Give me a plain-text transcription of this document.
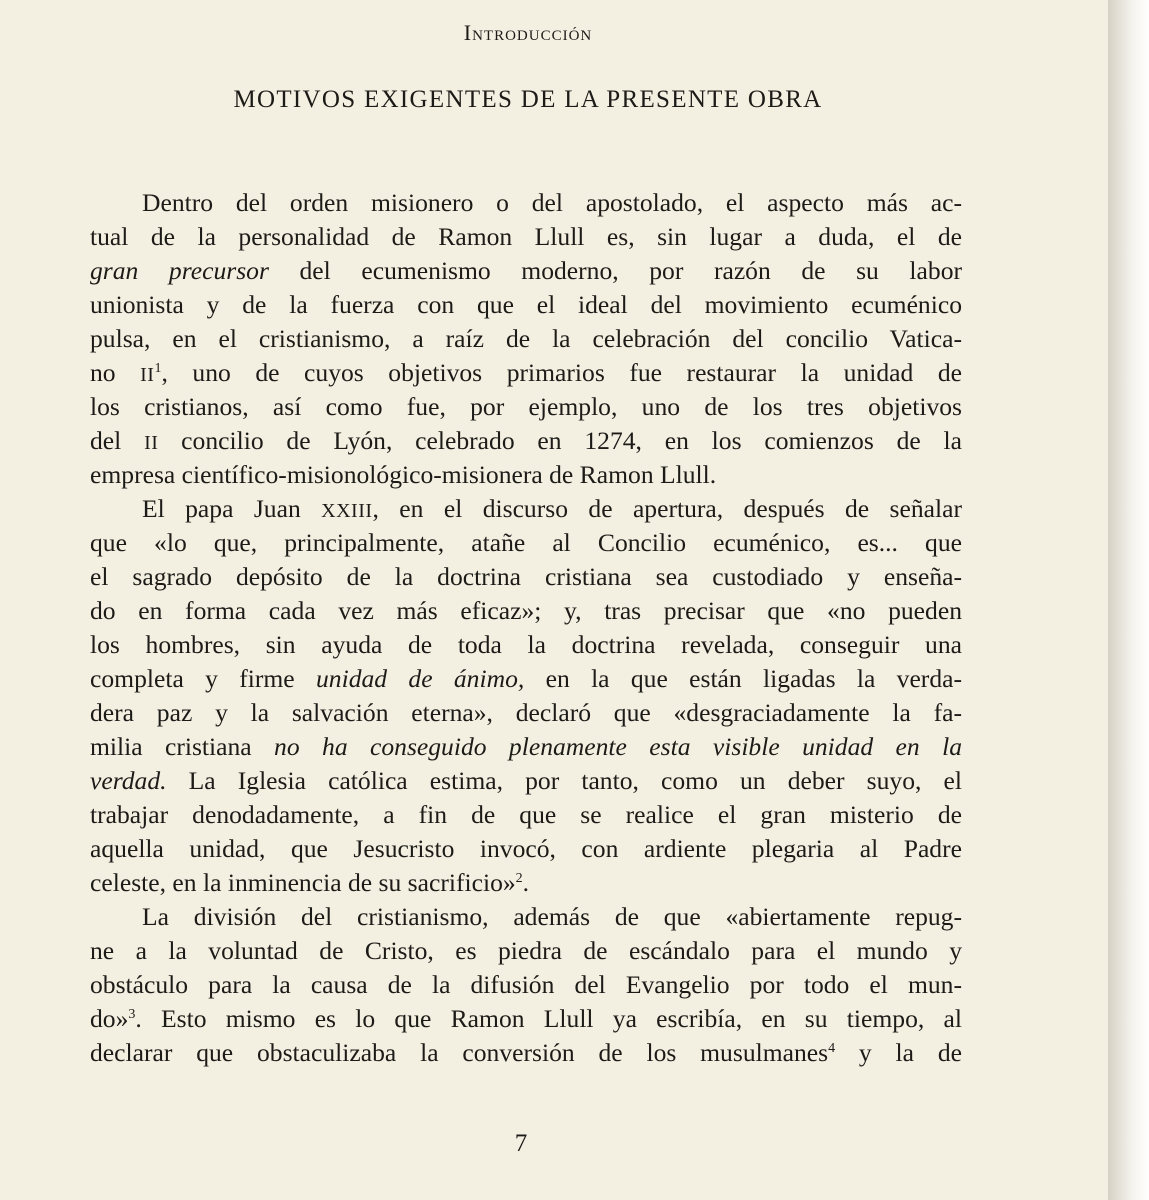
Introducción
MOTIVOS EXIGENTES DE LA PRESENTE OBRA
Dentro del orden misionero o del apostolado, el aspecto más ac-
tual de la personalidad de Ramon Llull es, sin lugar a duda, el de
gran precursor del ecumenismo moderno, por razón de su labor
unionista y de la fuerza con que el ideal del movimiento ecuménico
pulsa, en el cristianismo, a raíz de la celebración del concilio Vatica-
no $II^1$, uno de cuyos objetivos primarios fue restaurar la unidad de
los cristianos, así como fue, por ejemplo, uno de los tres objetivos
del II concilio de Lyón, celebrado en 1274, en los comienzos de la
empresa científico-misionológico-misionera de Ramon Llull.
El papa Juan XXIII, en el discurso de apertura, después de señalar
que «lo que, principalmente, atañe al Concilio ecuménico, es... que
el sagrado depósito de la doctrina cristiana sea custodiado y enseña-
do en forma cada vez más eficaz»; y, tras precisar que «no pueden
los hombres, sin ayuda de toda la doctrina revelada, conseguir una
completa y firme unidad de ánimo, en la que están ligadas la verda-
dera paz y la salvación eterna», declaró que «desgraciadamente la fa-
milia cristiana no ha conseguido plenamente esta visible unidad en la
verdad. La Iglesia católica estima, por tanto, como un deber suyo, el
trabajar denodadamente, a fin de que se realice el gran misterio de
aquella unidad, que Jesucristo invocó, con ardiente plegaria al Padre
celeste, en la inminencia de su sacrificio»$^2$.
La división del cristianismo, además de que «abiertamente repug-
ne a la voluntad de Cristo, es piedra de escándalo para el mundo y
obstáculo para la causa de la difusión del Evangelio por todo el mun-
do»$^3$. Esto mismo es lo que Ramon Llull ya escribía, en su tiempo, al
declarar que obstaculizaba la conversión de los musulmanes$^4$ y la de
7
